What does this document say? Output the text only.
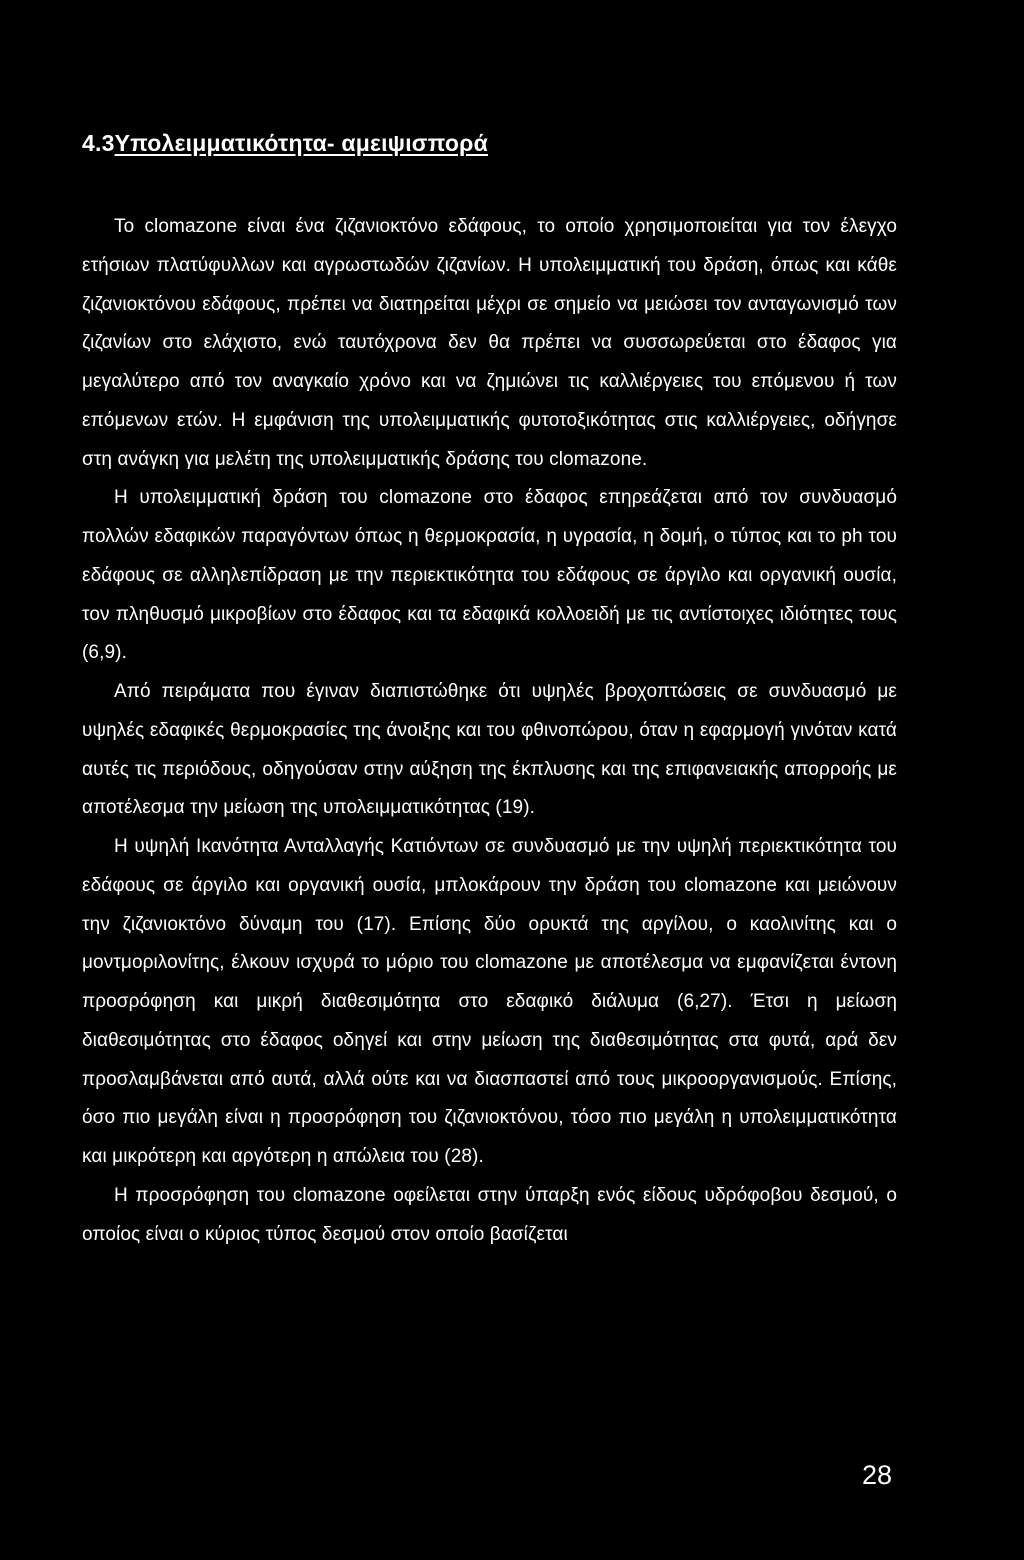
4.3Υπολειμματικότητα- αμειψισπορά

Το clomazone είναι ένα ζιζανιοκτόνο εδάφους, το οποίο χρησιμοποιείται για τον έλεγχο ετήσιων πλατύφυλλων και αγρωστωδών ζιζανίων. Η υπολειμματική του δράση, όπως και κάθε ζιζανιοκτόνου εδάφους, πρέπει να διατηρείται μέχρι σε σημείο να μειώσει τον ανταγωνισμό των ζιζανίων στο ελάχιστο, ενώ ταυτόχρονα δεν θα πρέπει να συσσωρεύεται στο έδαφος για μεγαλύτερο από τον αναγκαίο χρόνο και να ζημιώνει τις καλλιέργειες του επόμενου ή των επόμενων ετών. Η εμφάνιση της υπολειμματικής φυτοτοξικότητας στις καλλιέργειες, οδήγησε στη ανάγκη για μελέτη της υπολειμματικής δράσης του clomazone.

Η υπολειμματική δράση του clomazone στο έδαφος επηρεάζεται από τον συνδυασμό πολλών εδαφικών παραγόντων όπως η θερμοκρασία, η υγρασία, η δομή, ο τύπος και το ph του εδάφους σε αλληλεπίδραση με την περιεκτικότητα του εδάφους σε άργιλο και οργανική ουσία, τον πληθυσμό μικροβίων στο έδαφος και τα εδαφικά κολλοειδή με τις αντίστοιχες ιδιότητες τους (6,9).

Από πειράματα που έγιναν διαπιστώθηκε ότι υψηλές βροχοπτώσεις σε συνδυασμό με υψηλές εδαφικές θερμοκρασίες της άνοιξης και του φθινοπώρου, όταν η εφαρμογή γινόταν κατά αυτές τις περιόδους, οδηγούσαν στην αύξηση της έκπλυσης και της επιφανειακής απορροής με αποτέλεσμα την μείωση της υπολειμματικότητας (19).

Η υψηλή Ικανότητα Ανταλλαγής Κατιόντων σε συνδυασμό με την υψηλή περιεκτικότητα του εδάφους σε άργιλο και οργανική ουσία, μπλοκάρουν την δράση του clomazone και μειώνουν την ζιζανιοκτόνο δύναμη του (17). Επίσης δύο ορυκτά της αργίλου, ο καολινίτης και ο μοντμοριλονίτης, έλκουν ισχυρά το μόριο του clomazone με αποτέλεσμα να εμφανίζεται έντονη προσρόφηση και μικρή διαθεσιμότητα στο εδαφικό διάλυμα (6,27). Έτσι η μείωση διαθεσιμότητας στο έδαφος οδηγεί και στην μείωση της διαθεσιμότητας στα φυτά, αρά δεν προσλαμβάνεται από αυτά, αλλά ούτε και να διασπαστεί από τους μικροοργανισμούς. Επίσης, όσο πιο μεγάλη είναι η προσρόφηση του ζιζανιοκτόνου, τόσο πιο μεγάλη η υπολειμματικότητα και μικρότερη και αργότερη η απώλεια του (28).

Η προσρόφηση του clomazone οφείλεται στην ύπαρξη ενός είδους υδρόφοβου δεσμού, ο οποίος είναι ο κύριος τύπος δεσμού στον οποίο βασίζεται

28
